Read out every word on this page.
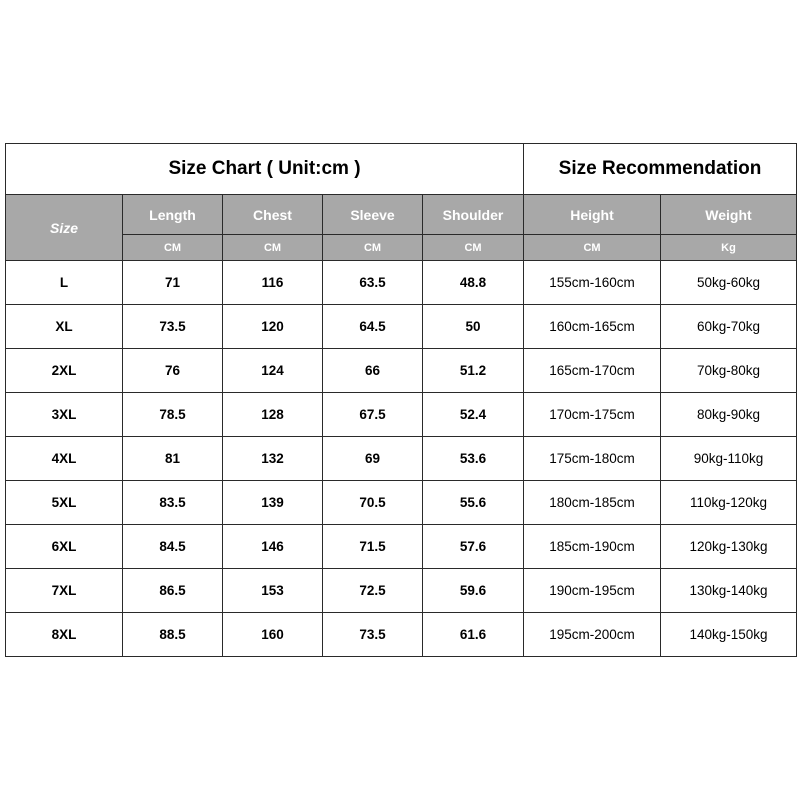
Size Chart ( Unit:cm )					Size Recommendation	
Size	Length	Chest	Sleeve	Shoulder	Height	Weight
	CM	CM	CM	CM	CM	Kg
L	71	116	63.5	48.8	155cm-160cm	50kg-60kg
XL	73.5	120	64.5	50	160cm-165cm	60kg-70kg
2XL	76	124	66	51.2	165cm-170cm	70kg-80kg
3XL	78.5	128	67.5	52.4	170cm-175cm	80kg-90kg
4XL	81	132	69	53.6	175cm-180cm	90kg-110kg
5XL	83.5	139	70.5	55.6	180cm-185cm	110kg-120kg
6XL	84.5	146	71.5	57.6	185cm-190cm	120kg-130kg
7XL	86.5	153	72.5	59.6	190cm-195cm	130kg-140kg
8XL	88.5	160	73.5	61.6	195cm-200cm	140kg-150kg
